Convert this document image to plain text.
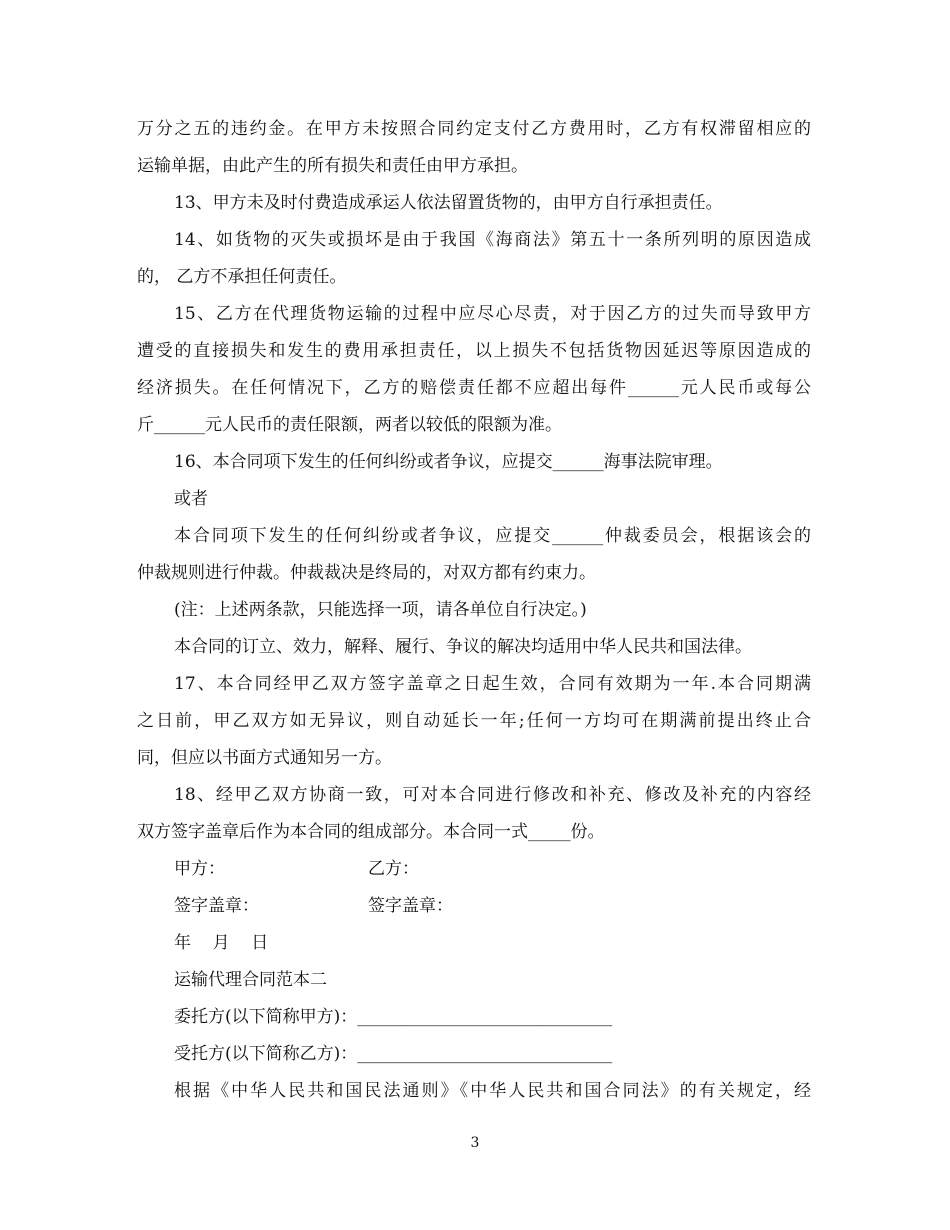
万分之五的违约金。在甲方未按照合同约定支付乙方费用时，乙方有权滞留相应的
运输单据，由此产生的所有损失和责任由甲方承担。
13、甲方未及时付费造成承运人依法留置货物的，由甲方自行承担责任。
14、如货物的灭失或损坏是由于我国《海商法》第五十一条所列明的原因造成
的， 乙方不承担任何责任。
15、乙方在代理货物运输的过程中应尽心尽责，对于因乙方的过失而导致甲方
遭受的直接损失和发生的费用承担责任，以上损失不包括货物因延迟等原因造成的
经济损失。在任何情况下，乙方的赔偿责任都不应超出每件______元人民币或每公
斤______元人民币的责任限额，两者以较低的限额为准。
16、本合同项下发生的任何纠纷或者争议，应提交______海事法院审理。
或者
本合同项下发生的任何纠纷或者争议，应提交______仲裁委员会，根据该会的
仲裁规则进行仲裁。仲裁裁决是终局的，对双方都有约束力。
(注：上述两条款，只能选择一项，请各单位自行决定。)
本合同的订立、效力，解释、履行、争议的解决均适用中华人民共和国法律。
17、本合同经甲乙双方签字盖章之日起生效，合同有效期为一年.本合同期满
之日前，甲乙双方如无异议，则自动延长一年;任何一方均可在期满前提出终止合
同，但应以书面方式通知另一方。
18、经甲乙双方协商一致，可对本合同进行修改和补充、修改及补充的内容经
双方签字盖章后作为本合同的组成部分。本合同一式_____份。
甲方：	乙方：
签字盖章：	签字盖章：
年    月    日
运输代理合同范本二
委托方(以下简称甲方)：______________________________
受托方(以下简称乙方)：______________________________
根据《中华人民共和国民法通则》《中华人民共和国合同法》的有关规定，经
3
